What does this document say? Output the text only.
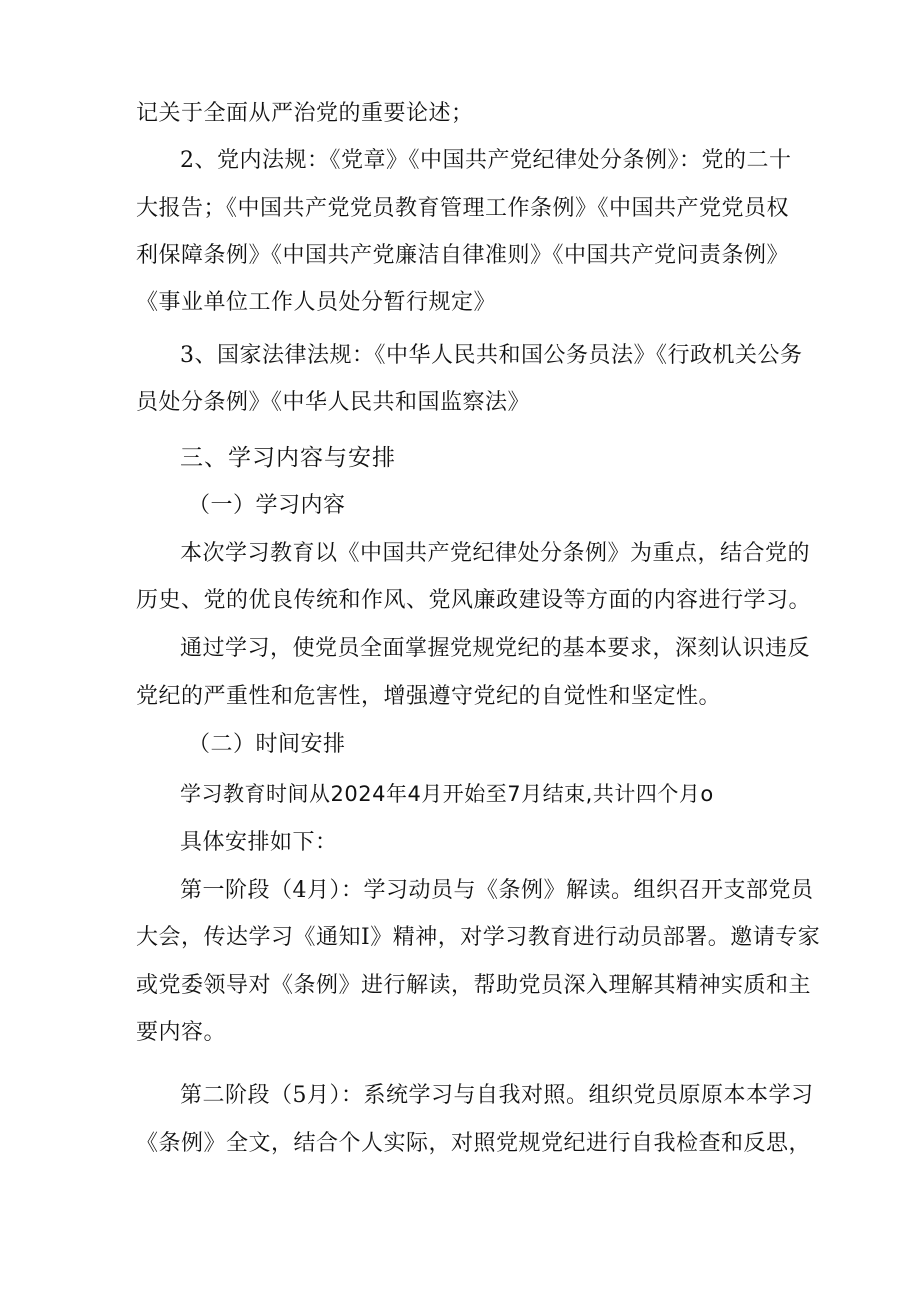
记关于全面从严治党的重要论述；
2、党内法规：《党章》《中国共产党纪律处分条例》：党的二十
大报告；《中国共产党党员教育管理工作条例》《中国共产党党员权
利保障条例》《中国共产党廉洁自律准则》《中国共产党问责条例》
《事业单位工作人员处分暂行规定》
3、国家法律法规：《中华人民共和国公务员法》《行政机关公务
员处分条例》《中华人民共和国监察法》
三、学习内容与安排
（一）学习内容
本次学习教育以《中国共产党纪律处分条例》为重点，结合党的
历史、党的优良传统和作风、党风廉政建设等方面的内容进行学习。
通过学习，使党员全面掌握党规党纪的基本要求，深刻认识违反
党纪的严重性和危害性，增强遵守党纪的自觉性和坚定性。
（二）时间安排
学习教育时间从2024年4月开始至7月结束,共计四个月o
具体安排如下：
第一阶段（4月）：学习动员与《条例》解读。组织召开支部党员
大会，传达学习《通知I》精神，对学习教育进行动员部署。邀请专家
或党委领导对《条例》进行解读，帮助党员深入理解其精神实质和主
要内容。
第二阶段（5月）：系统学习与自我对照。组织党员原原本本学习
《条例》全文，结合个人实际，对照党规党纪进行自我检查和反思，
